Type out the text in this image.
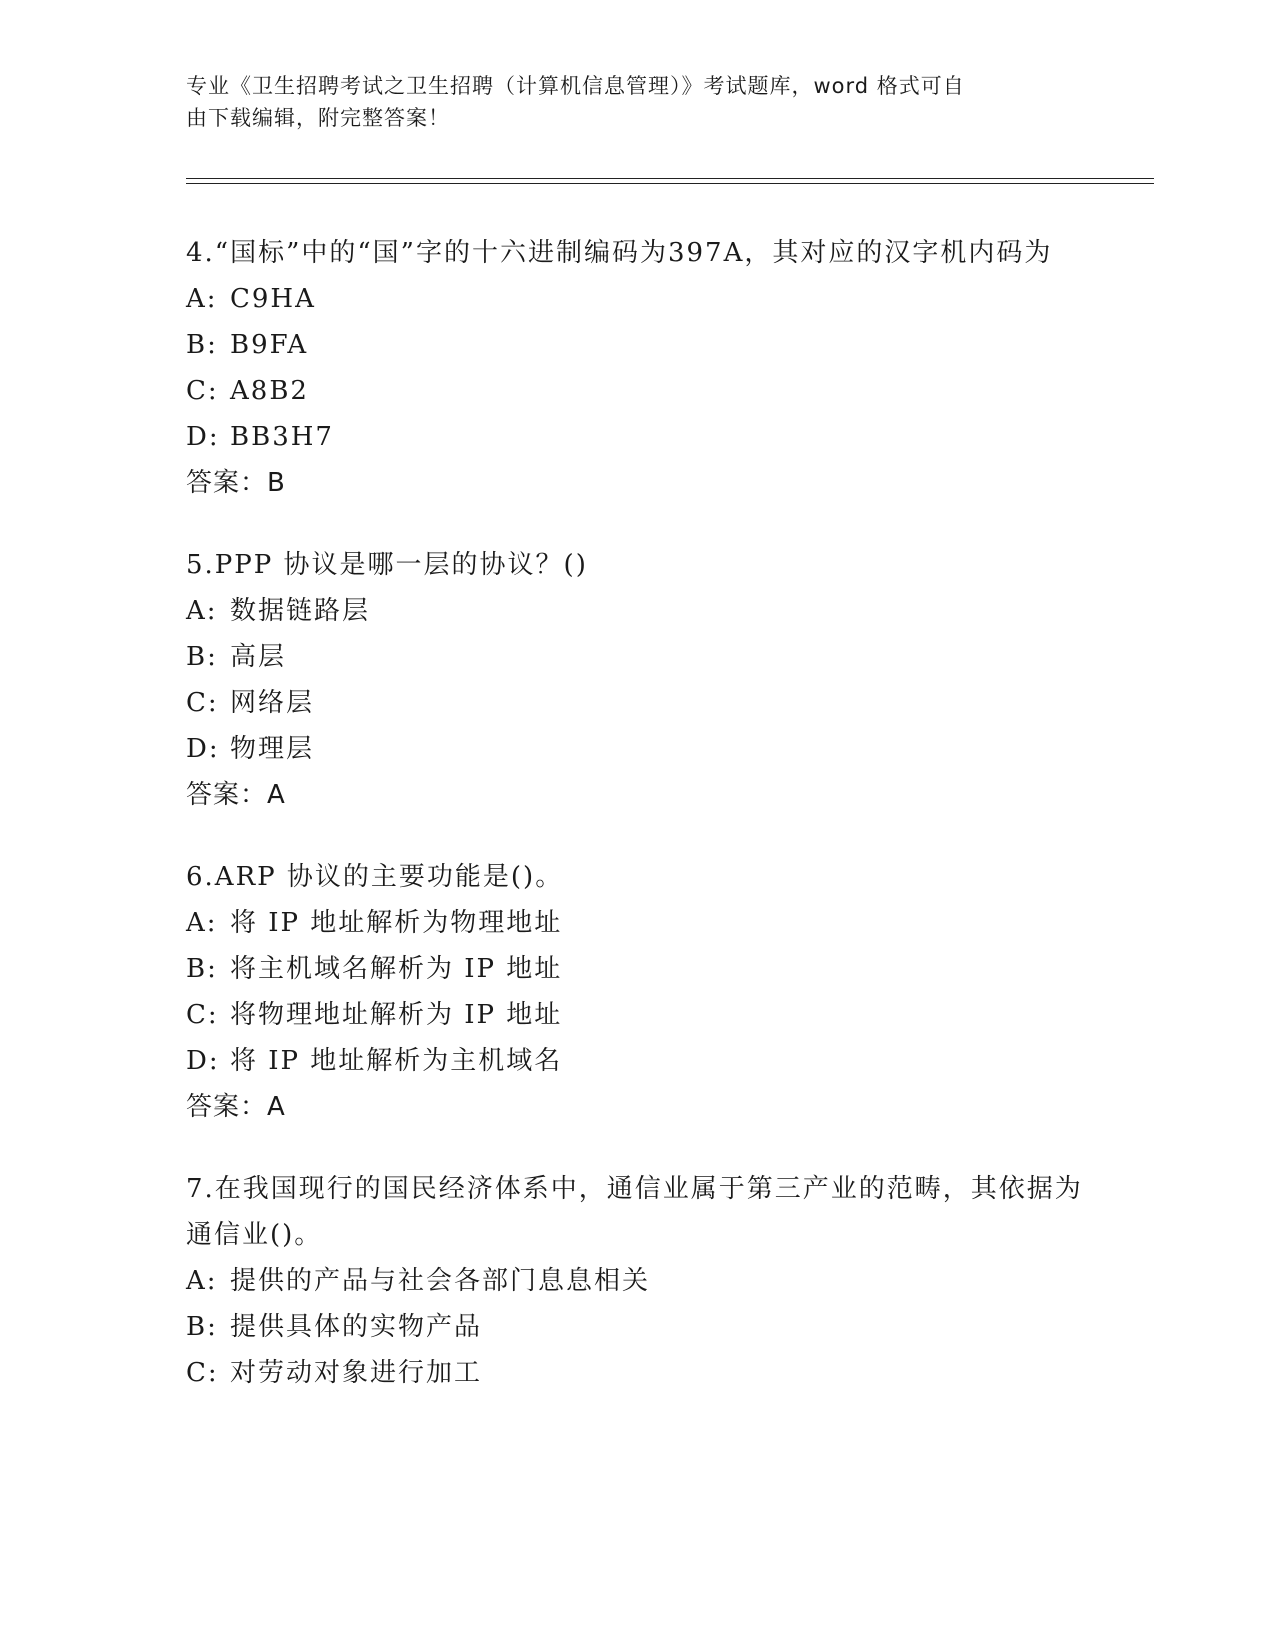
专业《卫生招聘考试之卫生招聘（计算机信息管理）》考试题库，word 格式可自
由下载编辑，附完整答案！

4.“国标”中的“国”字的十六进制编码为397A，其对应的汉字机内码为

A: C9HA

B: B9FA

C: A8B2

D: BB3H7

答案：B

5.PPP 协议是哪一层的协议？()

A: 数据链路层

B: 高层

C: 网络层

D: 物理层

答案：A

6.ARP 协议的主要功能是()。

A: 将 IP 地址解析为物理地址

B: 将主机域名解析为 IP 地址

C: 将物理地址解析为 IP 地址

D: 将 IP 地址解析为主机域名

答案：A

7.在我国现行的国民经济体系中，通信业属于第三产业的范畴，其依据为通信业()。

A: 提供的产品与社会各部门息息相关

B: 提供具体的实物产品

C: 对劳动对象进行加工
